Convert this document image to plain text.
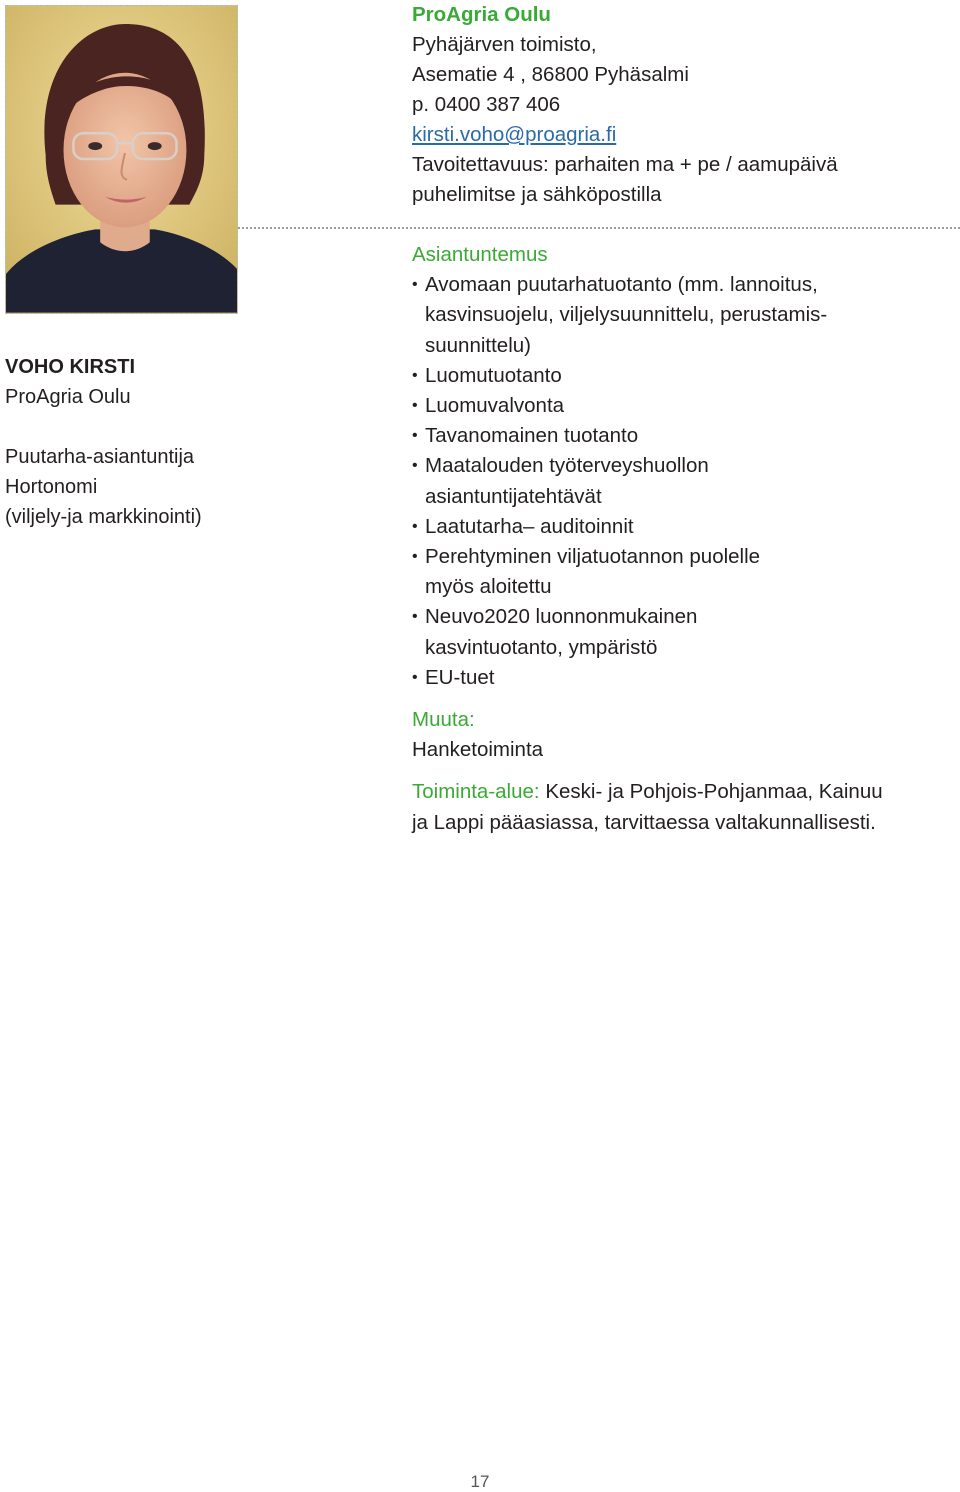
VOHO KIRSTI
ProAgria Oulu
Puutarha-asiantuntija
Hortonomi
(viljely-ja markkinointi)
ProAgria Oulu
Pyhäjärven toimisto,
Asematie 4 , 86800 Pyhäsalmi
p. 0400 387 406
kirsti.voho@proagria.fi
Tavoitettavuus: parhaiten ma + pe / aamupäivä
puhelimitse ja sähköpostilla
Asiantuntemus
• Avomaan puutarhatuotanto (mm. lannoitus,
kasvinsuojelu, viljelysuunnittelu, perustamis-
suunnittelu)
• Luomutuotanto
• Luomuvalvonta
• Tavanomainen tuotanto
• Maatalouden työterveyshuollon
asiantuntijatehtävät
• Laatutarha– auditoinnit
• Perehtyminen viljatuotannon puolelle
myös aloitettu
• Neuvo2020 luonnonmukainen
kasvintuotanto, ympäristö
• EU-tuet
Muuta:
Hanketoiminta
Toiminta-alue: Keski- ja Pohjois-Pohjanmaa, Kainuu
ja Lappi pääasiassa, tarvittaessa valtakunnallisesti.
17
